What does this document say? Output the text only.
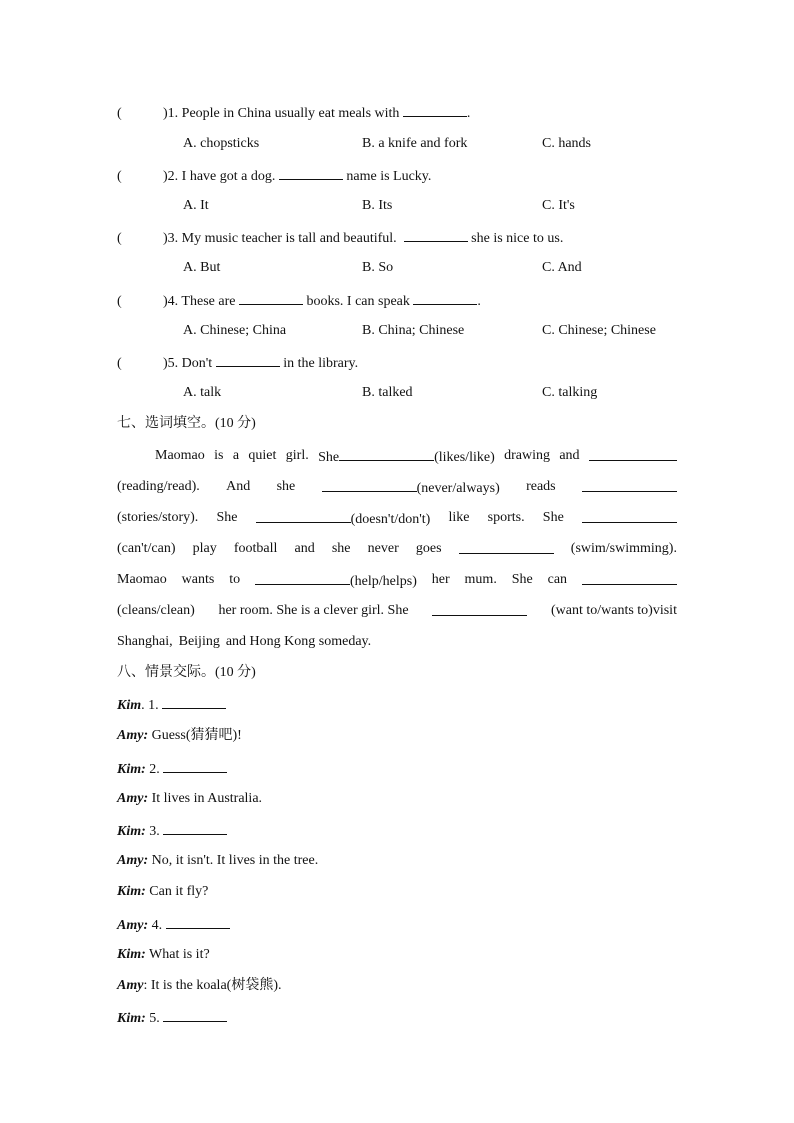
(	)1. People in China usually eat meals with	.
A. chopsticks	B. a knife and fork	C. hands
(	)2. I have got a dog.	name is Lucky.
A. It	B. Its	C. It's
(	)3. My music teacher is tall and beautiful.	she is nice to us.
A. But	B. So	C. And
(	)4. These are	books. I can speak	.
A. Chinese; China	B. China; Chinese	C. Chinese; Chinese
(	)5. Don't	in the library.
A. talk	B. talked	C. talking
七、选词填空。(10 分)
Maomao is a quiet girl. She	(likes/like) drawing and
(reading/read). And she	(never/always) reads
(stories/story). She	(doesn't/don't) like sports. She
(can't/can) play football and she never goes	(swim/swimming).
Maomao wants to	(help/helps) her mum. She can
(cleans/clean) her room. She is a clever girl. She	(want to/wants to)visit
Shanghai, Beijing and Hong Kong someday.
八、情景交际。(10 分)
Kim. 1.
Amy: Guess(猜猜吧)!
Kim: 2.
Amy: It lives in Australia.
Kim: 3.
Amy: No, it isn't. It lives in the tree.
Kim: Can it fly?
Amy: 4.
Kim: What is it?
Amy: It is the koala(树袋熊).
Kim: 5.
